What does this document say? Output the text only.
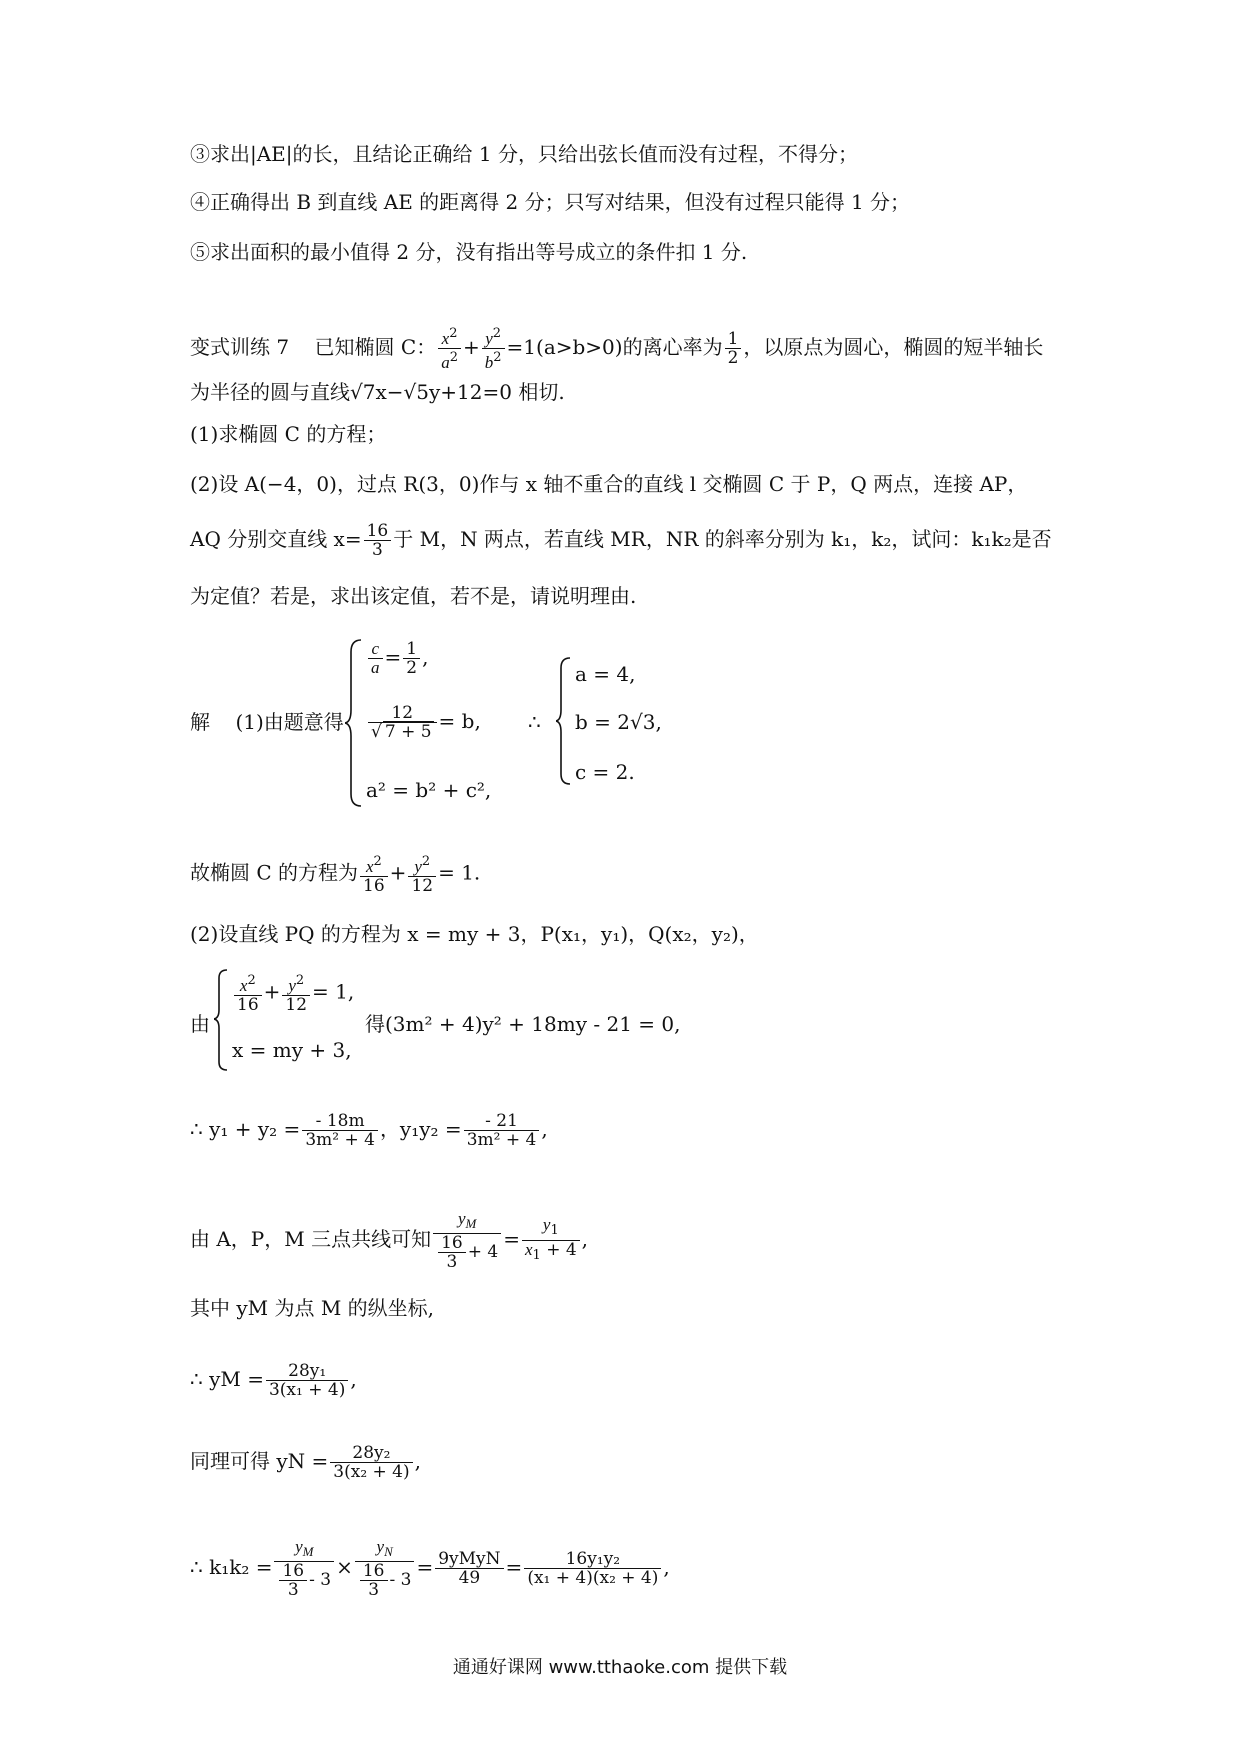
③求出|AE|的长，且结论正确给 1 分，只给出弦长值而没有过程，不得分；
④正确得出 B 到直线 AE 的距离得 2 分；只写对结果，但没有过程只能得 1 分；
⑤求出面积的最小值得 2 分，没有指出等号成立的条件扣 1 分.
变式训练 7 已知椭圆 C： $\frac{x^2}{a^2} + \frac{y^2}{b^2} =1(a>b>0)$的离心率为 $\frac{1}{2}$ ，以原点为圆心，椭圆的短半轴长
为半径的圆与直线√7x−√5y+12=0 相切.
(1)求椭圆 C 的方程；
(2)设 A(−4，0)，过点 R(3，0)作与 x 轴不重合的直线 l 交椭圆 C 于 P，Q 两点，连接 AP，
AQ 分别交直线 $x= \frac{16}{3}$ 于 M，N 两点，若直线 MR，NR 的斜率分别为 k₁，k₂，试问：k₁k₂是否
为定值？若是，求出该定值，若不是，请说明理由.
解 (1)由题意得
$\frac{c}{a} = \frac{1}{2}$ ,
$\frac{12}{√ 7 + 5} = b$,
a² = b² + c²,
∴
a = 4,
b = 2√3,
c = 2.
故椭圆 C 的方程为 $\frac{x^2}{16} + \frac{y^2}{12} = 1$.
(2)设直线 PQ 的方程为 x = my + 3，P(x₁，y₁)，Q(x₂，y₂)，
由
$\frac{x^2}{16} + \frac{y^2}{12} = 1$,
x = my + 3,
得(3m² + 4)y² + 18my - 21 = 0,
∴ $y_1 + y_2 = \frac{- 18m}{\text{3m² + 4}}$ ，$y_1y_2 = \frac{- 21}{\text{3m² + 4}}$ ,
由 A，P，M 三点共线可知 $\frac{y_M}{\frac{16}{3} + 4} = \frac{y_1}{x_1 + 4}$ ,
其中 yM 为点 M 的纵坐标,
∴ yM = $\frac{\text{28y₁}}{\text{3(x₁ + 4)}}$ ,
同理可得 yN = $\frac{\text{28y₂}}{\text{3(x₂ + 4)}}$ ,
∴ $k_1k_2 = \frac{y_M}{\frac{16}{3} - 3} \times \frac{y_N}{\frac{16}{3} - 3} = \frac{\text{9yMyN}}{49} = \frac{\text{16y₁y₂}}{\text{(x₁ + 4)(x₂ + 4)}}$ ,
通通好课网 www.tthaoke.com 提供下载
